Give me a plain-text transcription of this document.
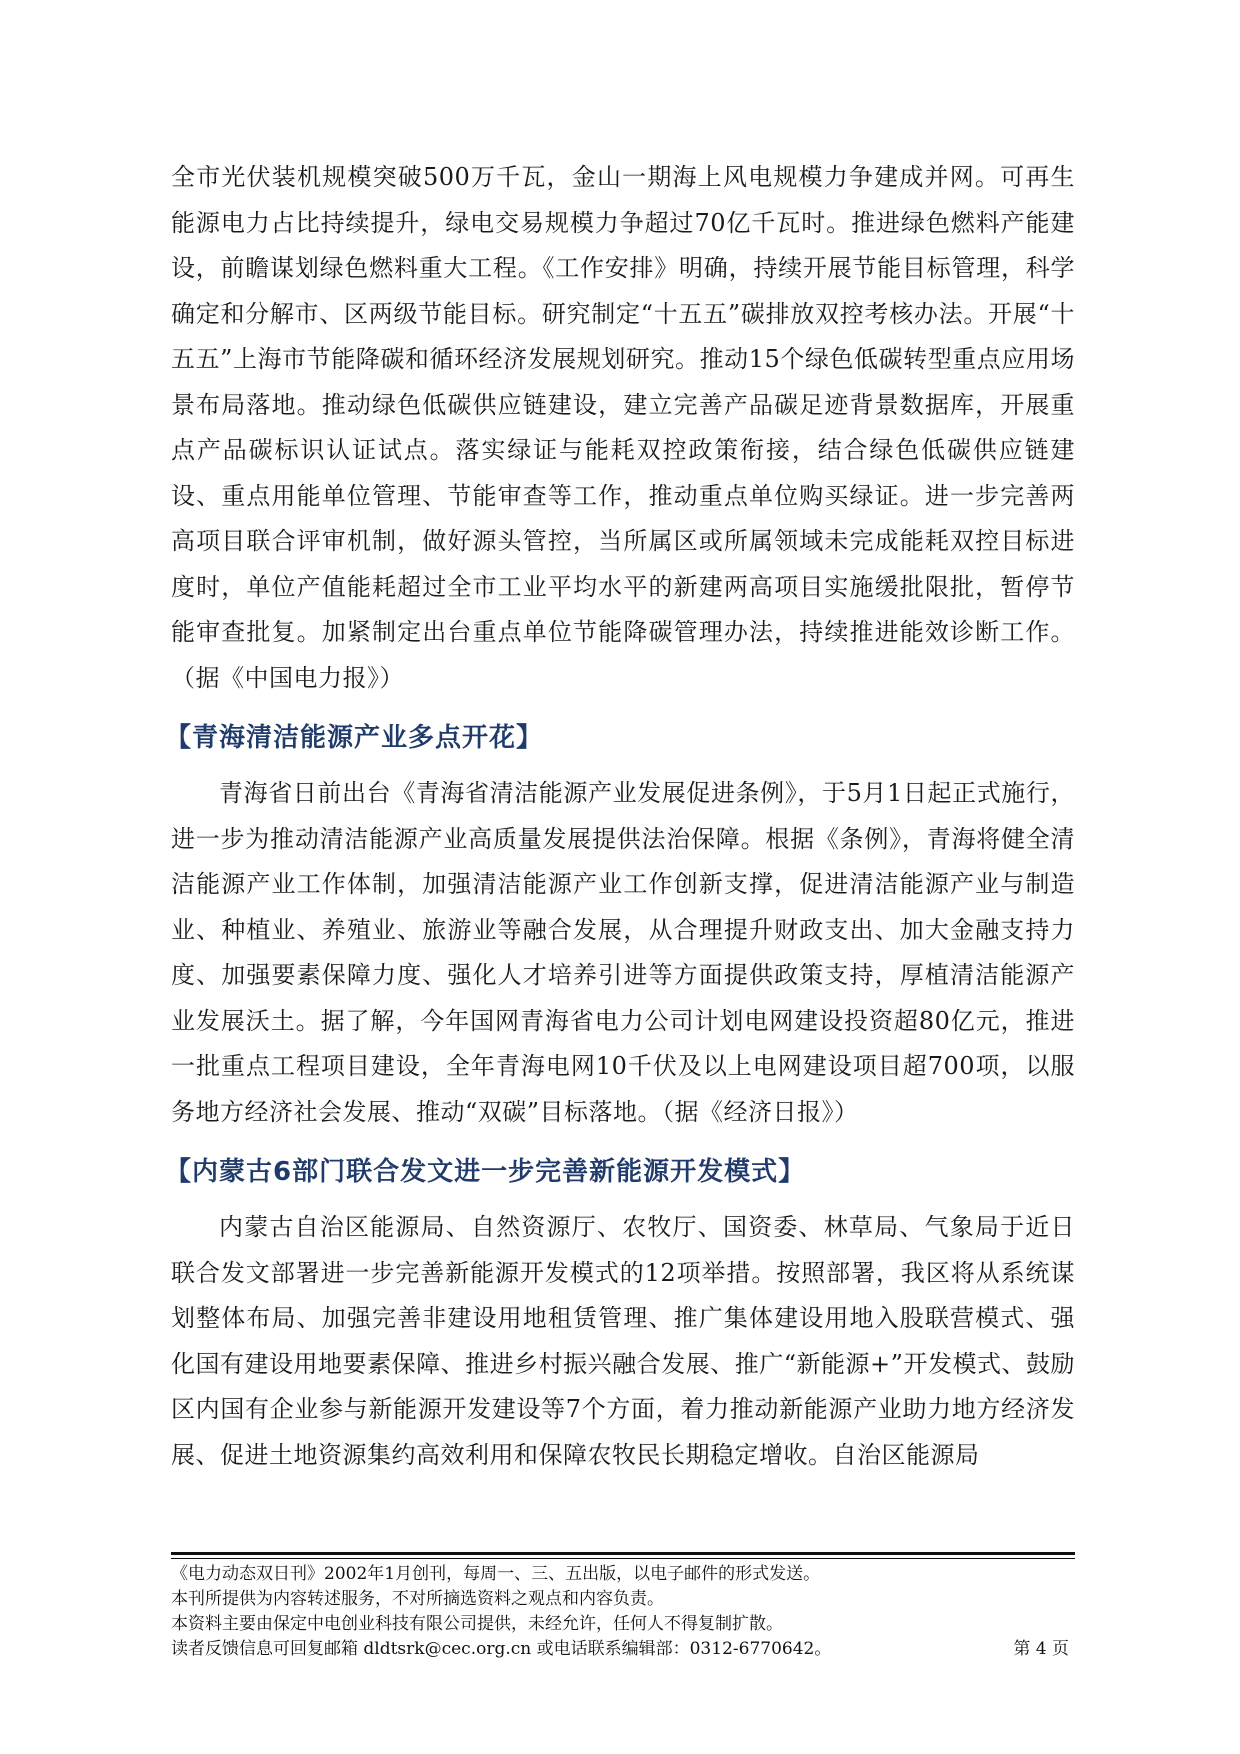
全市光伏装机规模突破500万千瓦，金山一期海上风电规模力争建成并网。可再生能源电力占比持续提升，绿电交易规模力争超过70亿千瓦时。推进绿色燃料产能建设，前瞻谋划绿色燃料重大工程。《工作安排》明确，持续开展节能目标管理，科学确定和分解市、区两级节能目标。研究制定“十五五”碳排放双控考核办法。开展“十五五”上海市节能降碳和循环经济发展规划研究。推动15个绿色低碳转型重点应用场景布局落地。推动绿色低碳供应链建设，建立完善产品碳足迹背景数据库，开展重点产品碳标识认证试点。落实绿证与能耗双控政策衔接，结合绿色低碳供应链建设、重点用能单位管理、节能审查等工作，推动重点单位购买绿证。进一步完善两高项目联合评审机制，做好源头管控，当所属区或所属领域未完成能耗双控目标进度时，单位产值能耗超过全市工业平均水平的新建两高项目实施缓批限批，暂停节能审查批复。加紧制定出台重点单位节能降碳管理办法，持续推进能效诊断工作。（据《中国电力报》）

【青海清洁能源产业多点开花】

青海省日前出台《青海省清洁能源产业发展促进条例》，于5月1日起正式施行，进一步为推动清洁能源产业高质量发展提供法治保障。根据《条例》，青海将健全清洁能源产业工作体制，加强清洁能源产业工作创新支撑，促进清洁能源产业与制造业、种植业、养殖业、旅游业等融合发展，从合理提升财政支出、加大金融支持力度、加强要素保障力度、强化人才培养引进等方面提供政策支持，厚植清洁能源产业发展沃土。据了解，今年国网青海省电力公司计划电网建设投资超80亿元，推进一批重点工程项目建设，全年青海电网10千伏及以上电网建设项目超700项，以服务地方经济社会发展、推动“双碳”目标落地。（据《经济日报》）

【内蒙古6部门联合发文进一步完善新能源开发模式】

内蒙古自治区能源局、自然资源厅、农牧厅、国资委、林草局、气象局于近日联合发文部署进一步完善新能源开发模式的12项举措。按照部署，我区将从系统谋划整体布局、加强完善非建设用地租赁管理、推广集体建设用地入股联营模式、强化国有建设用地要素保障、推进乡村振兴融合发展、推广“新能源+”开发模式、鼓励区内国有企业参与新能源开发建设等7个方面，着力推动新能源产业助力地方经济发展、促进土地资源集约高效利用和保障农牧民长期稳定增收。自治区能源局

《电力动态双日刊》2002年1月创刊，每周一、三、五出版，以电子邮件的形式发送。
本刊所提供为内容转述服务，不对所摘选资料之观点和内容负责。
本资料主要由保定中电创业科技有限公司提供，未经允许，任何人不得复制扩散。
读者反馈信息可回复邮箱 dldtsrk@cec.org.cn 或电话联系编辑部：0312-6770642。	第 4 页
